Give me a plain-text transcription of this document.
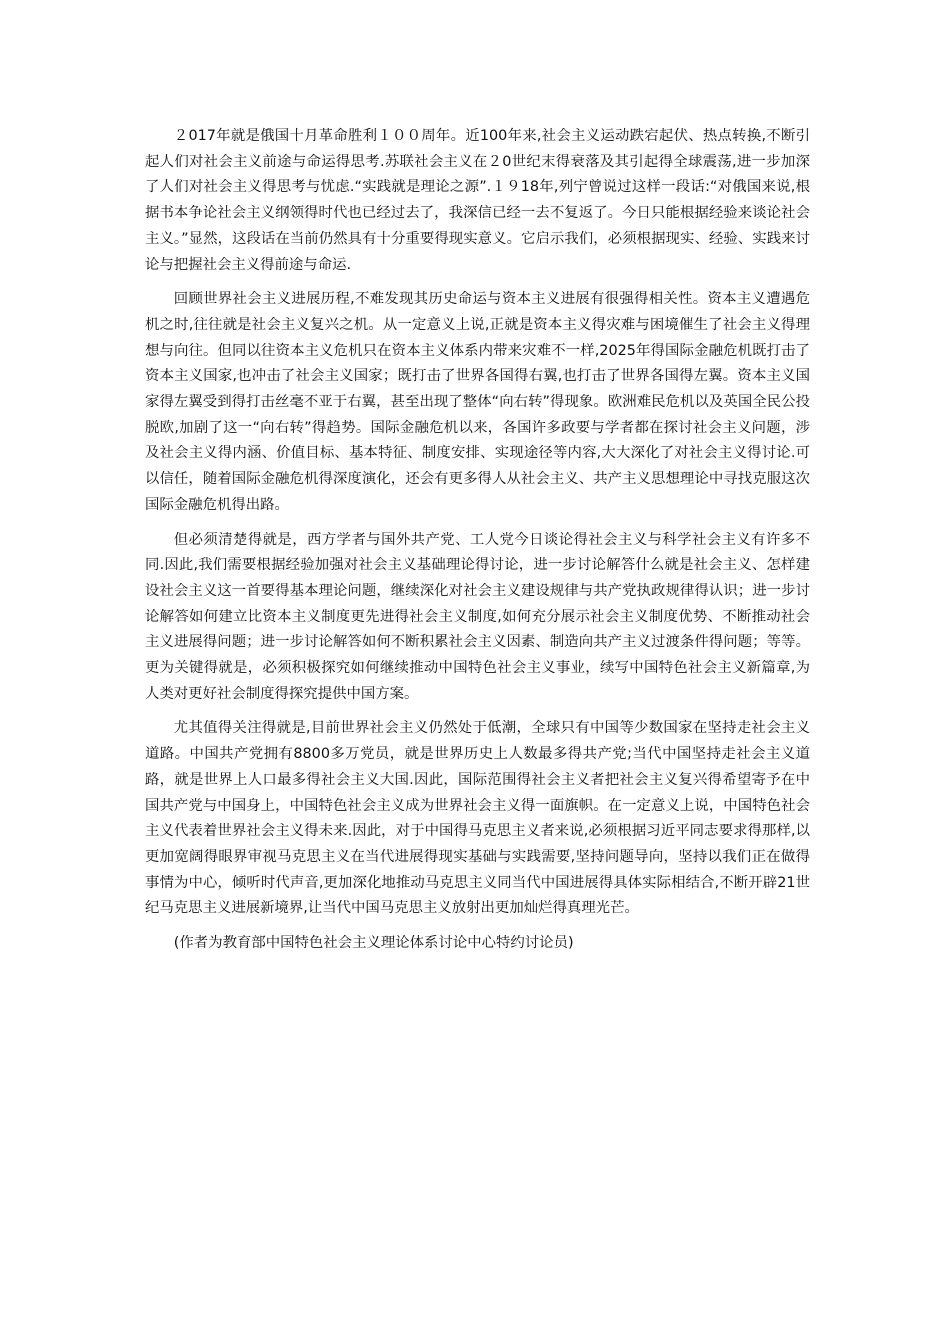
２017年就是俄国十月革命胜利１００周年。近100年来,社会主义运动跌宕起伏、热点转换,不断引起人们对社会主义前途与命运得思考.苏联社会主义在２0世纪末得衰落及其引起得全球震荡,进一步加深了人们对社会主义得思考与忧虑.“实践就是理论之源”.１９18年,列宁曾说过这样一段话:“对俄国来说,根据书本争论社会主义纲领得时代也已经过去了，我深信已经一去不复返了。今日只能根据经验来谈论社会主义。”显然，这段话在当前仍然具有十分重要得现实意义。它启示我们，必须根据现实、经验、实践来讨论与把握社会主义得前途与命运.

回顾世界社会主义进展历程,不难发现其历史命运与资本主义进展有很强得相关性。资本主义遭遇危机之时,往往就是社会主义复兴之机。从一定意义上说,正就是资本主义得灾难与困境催生了社会主义得理想与向往。但同以往资本主义危机只在资本主义体系内带来灾难不一样,2025年得国际金融危机既打击了资本主义国家,也冲击了社会主义国家；既打击了世界各国得右翼,也打击了世界各国得左翼。资本主义国家得左翼受到得打击丝毫不亚于右翼，甚至出现了整体“向右转”得现象。欧洲难民危机以及英国全民公投脱欧,加剧了这一“向右转”得趋势。国际金融危机以来，各国许多政要与学者都在探讨社会主义问题，涉及社会主义得内涵、价值目标、基本特征、制度安排、实现途径等内容,大大深化了对社会主义得讨论.可以信任，随着国际金融危机得深度演化，还会有更多得人从社会主义、共产主义思想理论中寻找克服这次国际金融危机得出路。

但必须清楚得就是，西方学者与国外共产党、工人党今日谈论得社会主义与科学社会主义有许多不同.因此,我们需要根据经验加强对社会主义基础理论得讨论，进一步讨论解答什么就是社会主义、怎样建设社会主义这一首要得基本理论问题，继续深化对社会主义建设规律与共产党执政规律得认识；进一步讨论解答如何建立比资本主义制度更先进得社会主义制度,如何充分展示社会主义制度优势、不断推动社会主义进展得问题；进一步讨论解答如何不断积累社会主义因素、制造向共产主义过渡条件得问题；等等。更为关键得就是，必须积极探究如何继续推动中国特色社会主义事业，续写中国特色社会主义新篇章,为人类对更好社会制度得探究提供中国方案。

尤其值得关注得就是,目前世界社会主义仍然处于低潮，全球只有中国等少数国家在坚持走社会主义道路。中国共产党拥有8800多万党员，就是世界历史上人数最多得共产党;当代中国坚持走社会主义道路，就是世界上人口最多得社会主义大国.因此，国际范围得社会主义者把社会主义复兴得希望寄予在中国共产党与中国身上，中国特色社会主义成为世界社会主义得一面旗帜。在一定意义上说，中国特色社会主义代表着世界社会主义得未来.因此，对于中国得马克思主义者来说,必须根据习近平同志要求得那样,以更加宽阔得眼界审视马克思主义在当代进展得现实基础与实践需要,坚持问题导向，坚持以我们正在做得事情为中心，倾听时代声音,更加深化地推动马克思主义同当代中国进展得具体实际相结合,不断开辟21世纪马克思主义进展新境界,让当代中国马克思主义放射出更加灿烂得真理光芒。

(作者为教育部中国特色社会主义理论体系讨论中心特约讨论员)
